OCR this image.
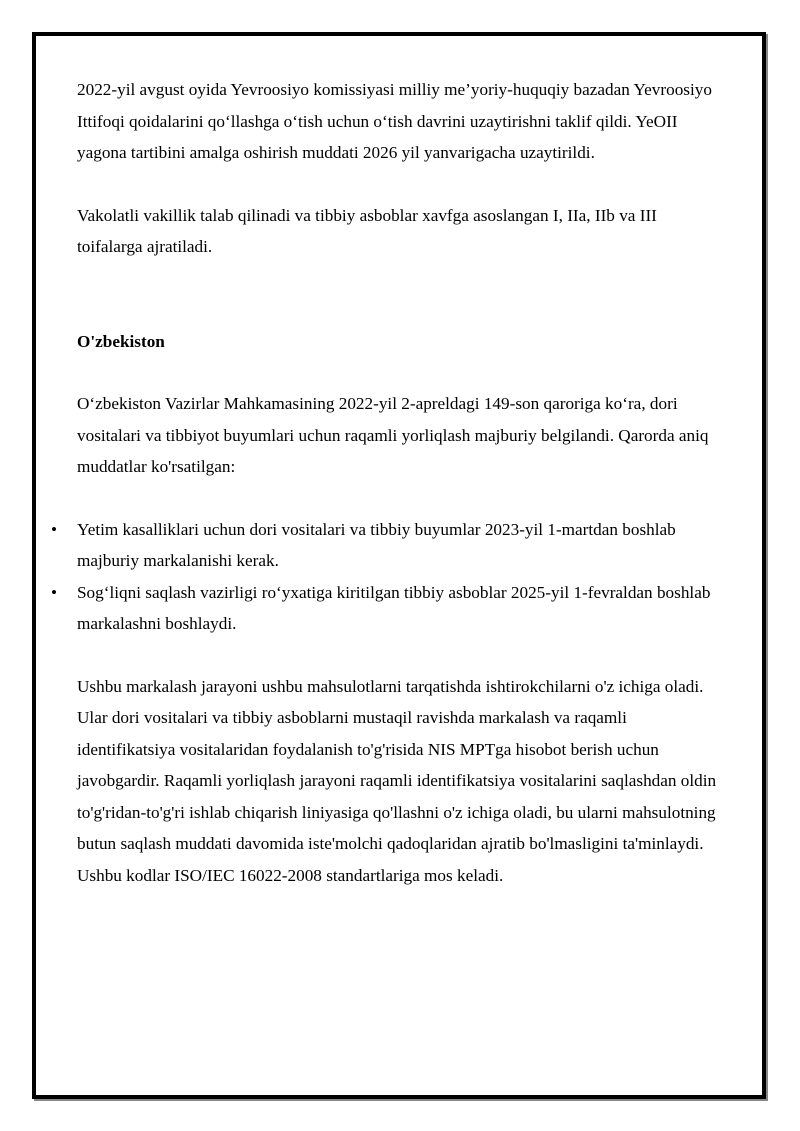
2022-yil avgust oyida Yevroosiyo komissiyasi milliy me’yoriy-huquqiy bazadan Yevroosiyo Ittifoqi qoidalarini qo‘llashga o‘tish uchun o‘tish davrini uzaytirishni taklif qildi. YeOII yagona tartibini amalga oshirish muddati 2026 yil yanvarigacha uzaytirildi.

Vakolatli vakillik talab qilinadi va tibbiy asboblar xavfga asoslangan I, IIa, IIb va III toifalarga ajratiladi.

O'zbekiston

O‘zbekiston Vazirlar Mahkamasining 2022-yil 2-apreldagi 149-son qaroriga ko‘ra, dori vositalari va tibbiyot buyumlari uchun raqamli yorliqlash majburiy belgilandi. Qarorda aniq muddatlar ko'rsatilgan:

• Yetim kasalliklari uchun dori vositalari va tibbiy buyumlar 2023-yil 1-martdan boshlab majburiy markalanishi kerak.
• Sog‘liqni saqlash vazirligi ro‘yxatiga kiritilgan tibbiy asboblar 2025-yil 1-fevraldan boshlab markalashni boshlaydi.

Ushbu markalash jarayoni ushbu mahsulotlarni tarqatishda ishtirokchilarni o'z ichiga oladi. Ular dori vositalari va tibbiy asboblarni mustaqil ravishda markalash va raqamli identifikatsiya vositalaridan foydalanish to'g'risida NIS MPTga hisobot berish uchun javobgardir. Raqamli yorliqlash jarayoni raqamli identifikatsiya vositalarini saqlashdan oldin to'g'ridan-to'g'ri ishlab chiqarish liniyasiga qo'llashni o'z ichiga oladi, bu ularni mahsulotning butun saqlash muddati davomida iste'molchi qadoqlaridan ajratib bo'lmasligini ta'minlaydi. Ushbu kodlar ISO/IEC 16022-2008 standartlariga mos keladi.
